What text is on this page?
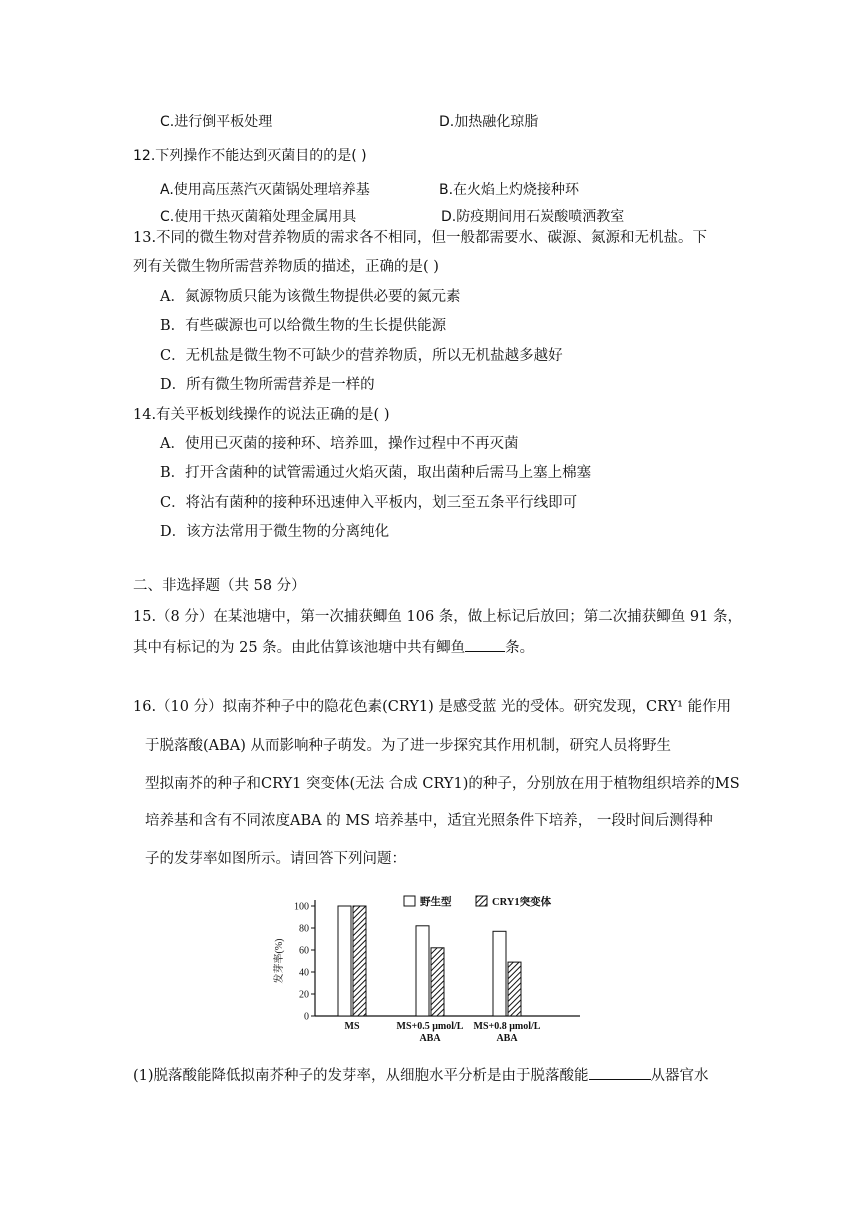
C.进行倒平板处理	D.加热融化琼脂
12.下列操作不能达到灭菌目的的是( )
A.使用高压蒸汽灭菌锅处理培养基	B.在火焰上灼烧接种环
C.使用干热灭菌箱处理金属用具	D.防疫期间用石炭酸喷洒教室
13.不同的微生物对营养物质的需求各不相同，但一般都需要水、碳源、氮源和无机盐。下
列有关微生物所需营养物质的描述，正确的是( )
A．氮源物质只能为该微生物提供必要的氮元素
B．有些碳源也可以给微生物的生长提供能源
C．无机盐是微生物不可缺少的营养物质，所以无机盐越多越好
D．所有微生物所需营养是一样的
14.有关平板划线操作的说法正确的是( )
A．使用已灭菌的接种环、培养皿，操作过程中不再灭菌
B．打开含菌种的试管需通过火焰灭菌，取出菌种后需马上塞上棉塞
C．将沾有菌种的接种环迅速伸入平板内，划三至五条平行线即可
D．该方法常用于微生物的分离纯化
二、非选择题（共 58 分）
15.（8 分）在某池塘中，第一次捕获鲫鱼 106 条，做上标记后放回；第二次捕获鲫鱼 91 条，
其中有标记的为 25 条。由此估算该池塘中共有鲫鱼	条。
16.（10 分）拟南芥种子中的隐花色素(CRY1) 是感受蓝 光的受体。研究发现，CRY¹ 能作用
于脱落酸(ABA) 从而影响种子萌发。为了进一步探究其作用机制，研究人员将野生
型拟南芥的种子和CRY1 突变体(无法 合成 CRY1)的种子，分别放在用于植物组织培养的MS
培养基和含有不同浓度ABA 的 MS 培养基中，适宜光照条件下培养， 一段时间后测得种
子的发芽率如图所示。请回答下列问题：
0
20
40
60
80
100
发芽率(%)
MS	MS+0.5 μmol/L
ABA
MS+0.8 μmol/L
ABA
野生型	CRY1突变体
(1)脱落酸能降低拟南芥种子的发芽率，从细胞水平分析是由于脱落酸能	从器官水
